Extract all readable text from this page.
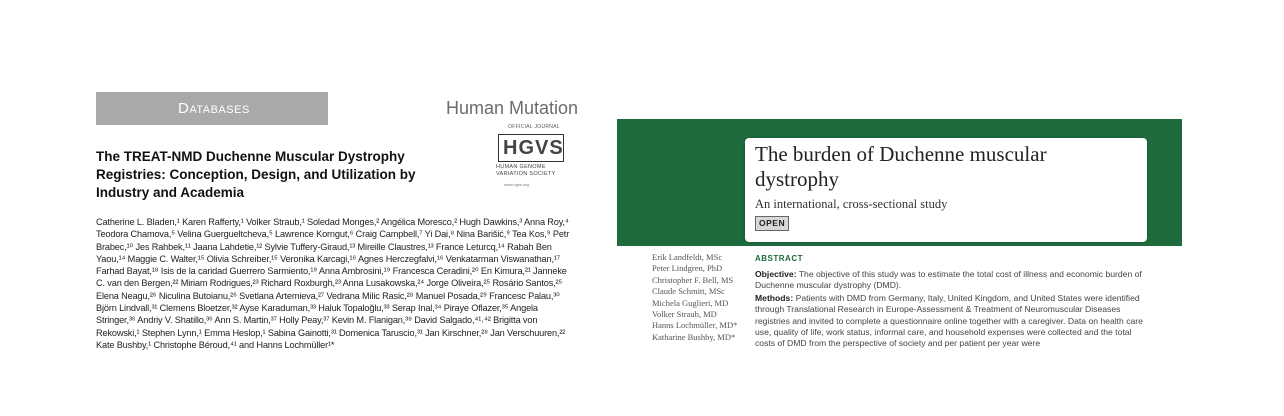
Databases	Human Mutation
OFFICIAL JOURNAL
HGVS
HUMAN GENOME
VARIATION SOCIETY
www.hgvs.org
The TREAT-NMD Duchenne Muscular Dystrophy Registries: Conception, Design, and Utilization by Industry and Academia
Catherine L. Bladen,¹ Karen Rafferty,¹ Volker Straub,¹ Soledad Monges,² Angélica Moresco,² Hugh Dawkins,³ Anna Roy,⁴ Teodora Chamova,⁵ Velina Guergueltcheva,⁵ Lawrence Korngut,⁶ Craig Campbell,⁷ Yi Dai,⁸ Nina Barišić,⁹ Tea Kos,⁹ Petr Brabec,¹⁰ Jes Rahbek,¹¹ Jaana Lahdetie,¹² Sylvie Tuffery-Giraud,¹³ Mireille Claustres,¹³ France Leturcq,¹⁴ Rabah Ben Yaou,¹⁴ Maggie C. Walter,¹⁵ Olivia Schreiber,¹⁵ Veronika Karcagi,¹⁶ Agnes Herczegfalvi,¹⁶ Venkatarman Viswanathan,¹⁷ Farhad Bayat,¹⁸ Isis de la caridad Guerrero Sarmiento,¹⁹ Anna Ambrosini,¹⁹ Francesca Ceradini,²⁰ En Kimura,²¹ Janneke C. van den Bergen,²² Miriam Rodrigues,²³ Richard Roxburgh,²³ Anna Lusakowska,²⁴ Jorge Oliveira,²⁵ Rosário Santos,²⁵ Elena Neagu,²⁶ Niculina Butoianu,²⁶ Svetlana Artemieva,²⁷ Vedrana Milic Rasic,²⁸ Manuel Posada,²⁹ Francesc Palau,³⁰ Björn Lindvall,³¹ Clemens Bloetzer,³² Ayse Karaduman,³³ Haluk Topaloğlu,³³ Serap Inal,³⁴ Piraye Oflazer,³⁵ Angela Stringer,³⁶ Andriy V. Shatillo,³⁶ Ann S. Martin,³⁷ Holly Peay,³⁷ Kevin M. Flanigan,³⁸ David Salgado,⁴¹˒⁴² Brigitta von Rekowski,¹ Stephen Lynn,¹ Emma Heslop,¹ Sabina Gainotti,³¹ Domenica Taruscio,³¹ Jan Kirschner,²⁸ Jan Verschuuren,²² Kate Bushby,¹ Christophe Béroud,⁴¹ and Hanns Lochmüller¹*
The burden of Duchenne muscular dystrophy
An international, cross-sectional study
OPEN
Erik Landfeldt, MSc
Peter Lindgren, PhD
Christopher F. Bell, MS
Claude Schmitt, MSc
Michela Guglieri, MD
Volker Straub, MD
Hanns Lochmüller, MD*
Katharine Bushby, MD*
ABSTRACT

Objective: The objective of this study was to estimate the total cost of illness and economic burden of Duchenne muscular dystrophy (DMD).

Methods: Patients with DMD from Germany, Italy, United Kingdom, and United States were identified through Translational Research in Europe-Assessment & Treatment of Neuromuscular Diseases registries and invited to complete a questionnaire online together with a caregiver. Data on health care use, quality of life, work status, informal care, and household expenses were collected and the total costs of DMD from the perspective of society and per patient per year were
